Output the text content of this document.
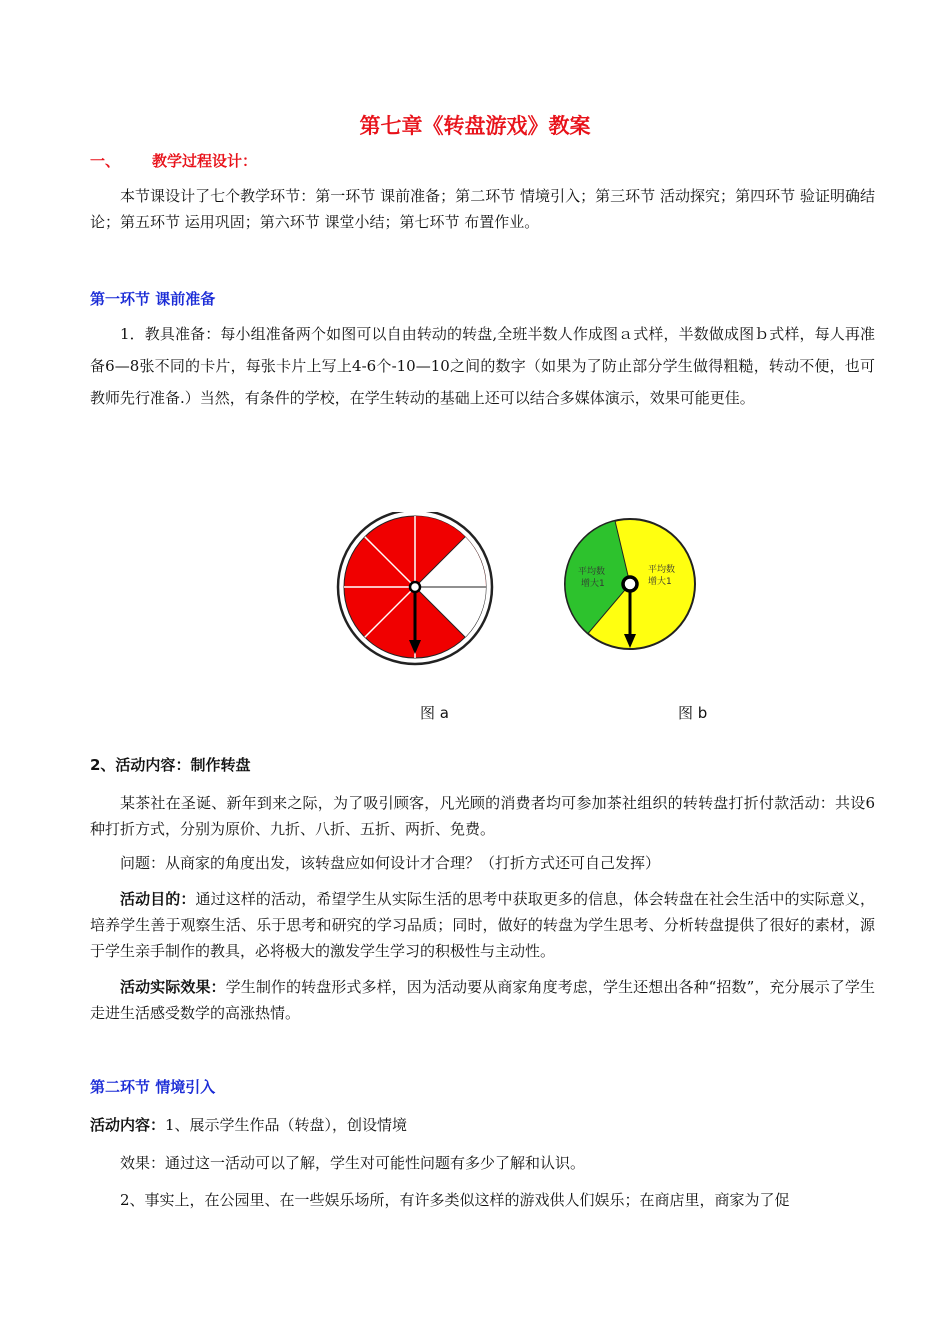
第七章《转盘游戏》教案
一、 教学过程设计：

本节课设计了七个教学环节：第一环节 课前准备；第二环节 情境引入；第三环节 活动探究；第四环节 验证明确结论；第五环节 运用巩固；第六环节 课堂小结；第七环节 布置作业。

第一环节 课前准备

1．教具准备：每小组准备两个如图可以自由转动的转盘,全班半数人作成图ａ式样，半数做成图ｂ式样，每人再准备6—8张不同的卡片，每张卡片上写上4-6个-10—10之间的数字（如果为了防止部分学生做得粗糙，转动不便，也可教师先行准备.）当然，有条件的学校，在学生转动的基础上还可以结合多媒体演示，效果可能更佳。

平均数
增大1
平均数
增大1
图 a	图 b
2、活动内容：制作转盘

某茶社在圣诞、新年到来之际，为了吸引顾客，凡光顾的消费者均可参加茶社组织的转转盘打折付款活动：共设6种打折方式，分别为原价、九折、八折、五折、两折、免费。

问题：从商家的角度出发，该转盘应如何设计才合理？（打折方式还可自己发挥）

活动目的：通过这样的活动，希望学生从实际生活的思考中获取更多的信息，体会转盘在社会生活中的实际意义，培养学生善于观察生活、乐于思考和研究的学习品质；同时，做好的转盘为学生思考、分析转盘提供了很好的素材，源于学生亲手制作的教具，必将极大的激发学生学习的积极性与主动性。

活动实际效果：学生制作的转盘形式多样，因为活动要从商家角度考虑，学生还想出各种“招数”，充分展示了学生走进生活感受数学的高涨热情。

第二环节 情境引入

活动内容：1、展示学生作品（转盘），创设情境

效果：通过这一活动可以了解，学生对可能性问题有多少了解和认识。

2、事实上，在公园里、在一些娱乐场所，有许多类似这样的游戏供人们娱乐；在商店里，商家为了促
